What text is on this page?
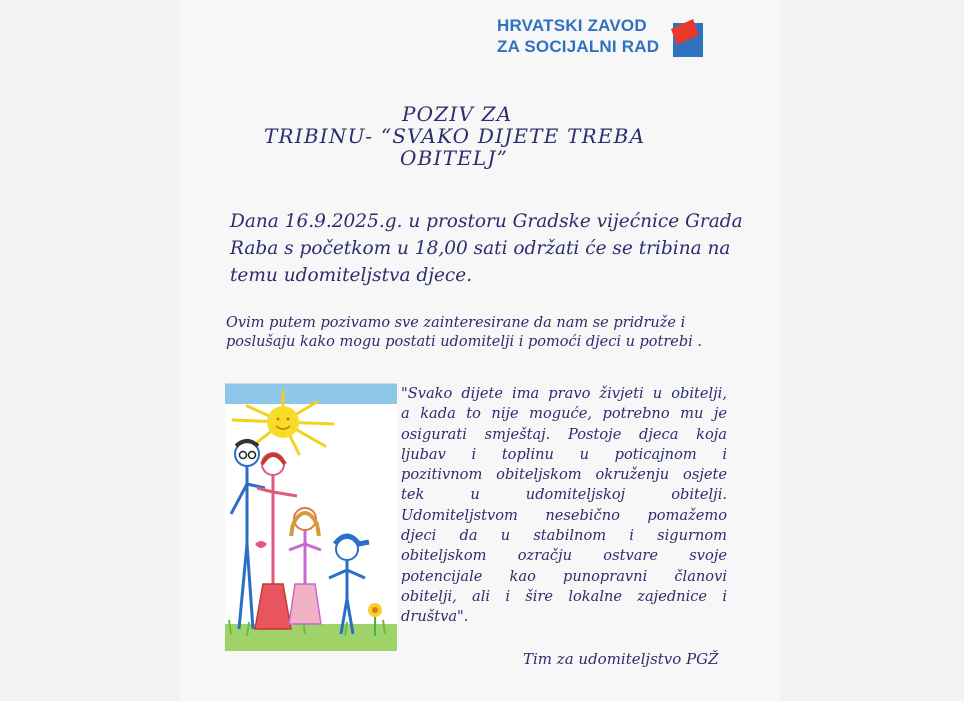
HRVATSKI ZAVOD
ZA SOCIJALNI RAD
POZIV ZA
TRIBINU- “SVAKO DIJETE TREBA
OBITELJ”
Dana 16.9.2025.g. u prostoru Gradske vijećnice Grada
Raba s početkom u 18,00 sati održati će se tribina na
temu udomiteljstva djece.
Ovim putem pozivamo sve zainteresirane da nam se pridruže i
poslušaju kako mogu postati udomitelji i pomoći djeci u potrebi .
"Svako dijete ima pravo živjeti u obitelji,
a kada to nije moguće, potrebno mu je
osigurati smještaj. Postoje djeca koja
ljubav i toplinu u poticajnom i
pozitivnom obiteljskom okruženju osjete
tek u udomiteljskoj obitelji.
Udomiteljstvom nesebično pomažemo
djeci da u stabilnom i sigurnom
obiteljskom ozračju ostvare svoje
potencijale kao punopravni članovi
obitelji, ali i šire lokalne zajednice i
društva".
Tim za udomiteljstvo PGŽ
